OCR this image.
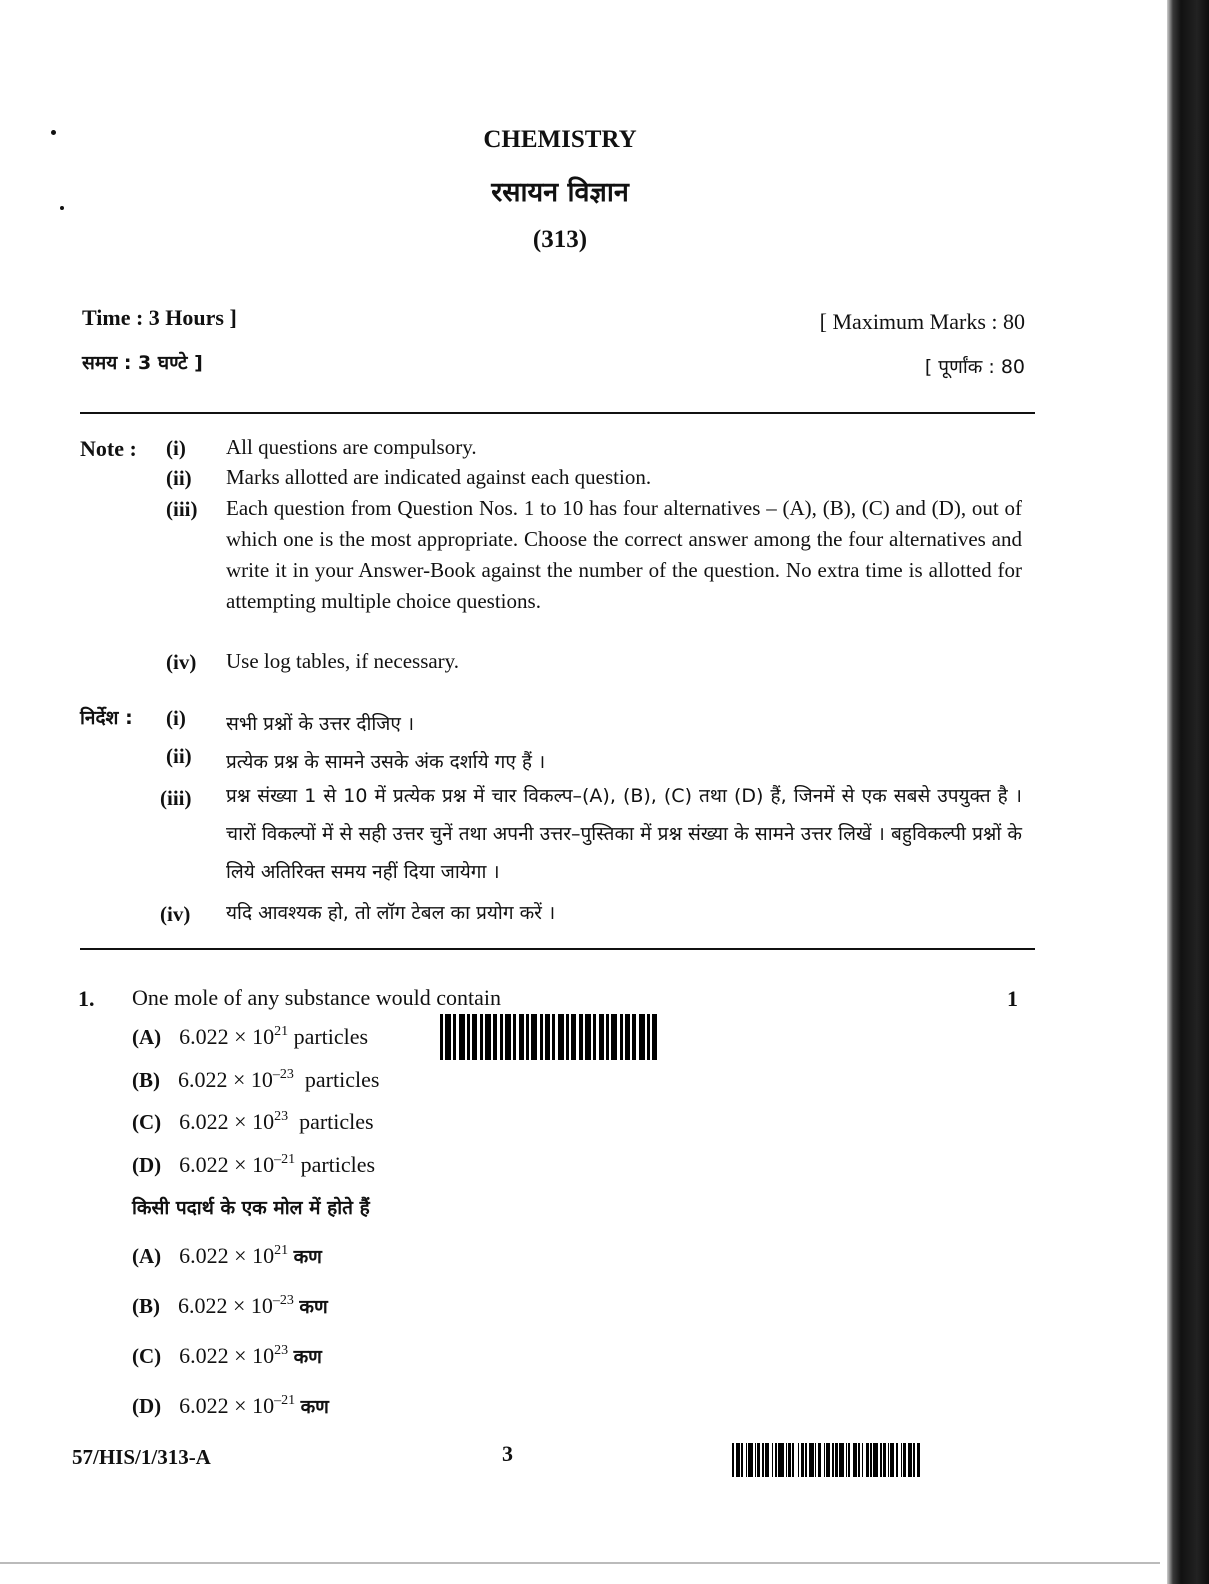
CHEMISTRY
रसायन विज्ञान
(313)
Time : 3 Hours ]
समय : 3 घण्टे ]
[ Maximum Marks : 80
[ पूर्णांक : 80
Note : (i) All questions are compulsory.
(ii) Marks allotted are indicated against each question.
(iii) Each question from Question Nos. 1 to 10 has four alternatives – (A), (B), (C) and (D), out of which one is the most appropriate. Choose the correct answer among the four alternatives and write it in your Answer-Book against the number of the question. No extra time is allotted for attempting multiple choice questions.
(iv) Use log tables, if necessary.
निर्देश : (i) सभी प्रश्नों के उत्तर दीजिए ।
(ii) प्रत्येक प्रश्न के सामने उसके अंक दर्शाये गए हैं ।
(iii) प्रश्न संख्या 1 से 10 में प्रत्येक प्रश्न में चार विकल्प–(A), (B), (C) तथा (D) हैं, जिनमें से एक सबसे उपयुक्त है । चारों विकल्पों में से सही उत्तर चुनें तथा अपनी उत्तर–पुस्तिका में प्रश्न संख्या के सामने उत्तर लिखें । बहुविकल्पी प्रश्नों के लिये अतिरिक्त समय नहीं दिया जायेगा ।
(iv) यदि आवश्यक हो, तो लॉग टेबल का प्रयोग करें ।
1. One mole of any substance would contain	1
(A) $6.022 \times 10^{21}$ particles
(B) $6.022 \times 10^{-23}$ particles
(C) $6.022 \times 10^{23}$ particles
(D) $6.022 \times 10^{-21}$ particles
किसी पदार्थ के एक मोल में होते हैं
(A) $6.022 \times 10^{21}$ कण
(B) $6.022 \times 10^{-23}$ कण
(C) $6.022 \times 10^{23}$ कण
(D) $6.022 \times 10^{-21}$ कण
57/HIS/1/313-A	3
